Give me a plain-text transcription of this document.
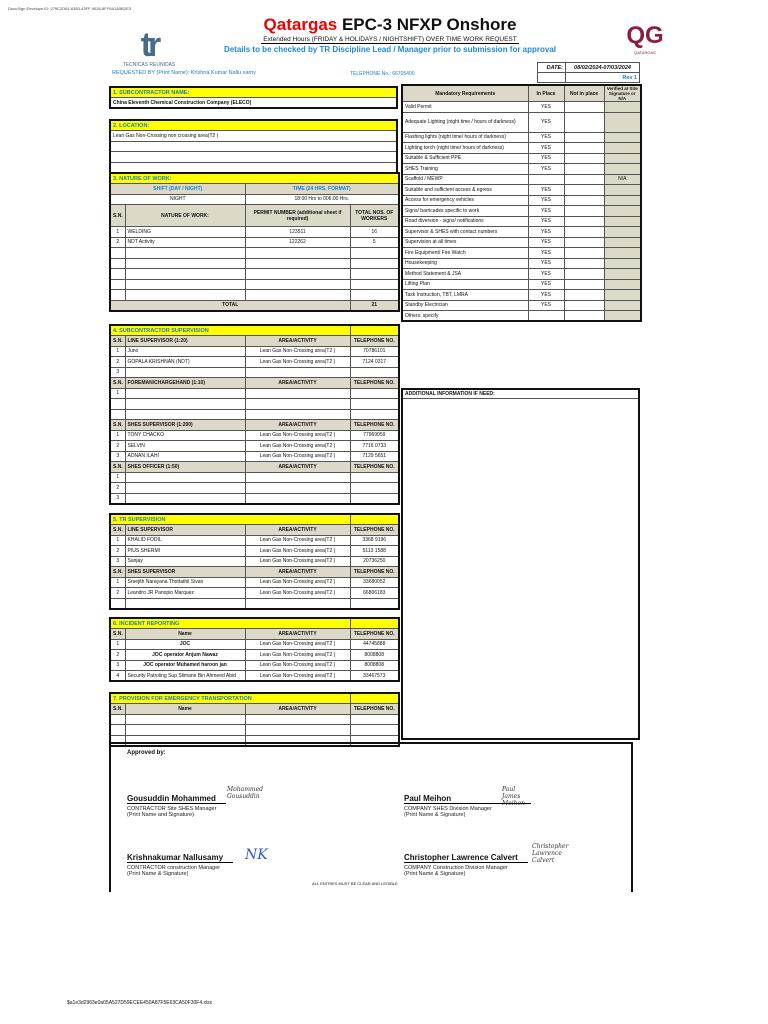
DocuSign Envelope ID: 279C2D61-6383-43FF-9026-8FF9A1A5B2E3
tr
TECNICAS REUNIDAS
Qatargas EPC-3 NFXP Onshore
Extended Hours (FRIDAY & HOLIDAYS / NIGHTSHIFT) OVER TIME WORK REQUEST
Details to be checked by TR Discipline Lead / Manager prior to submission for approval
QG
QATARGAS
REQUESTED BY (Print Name): Krishna Kumar Nallu samy	TELEPHONE No.: 6670540​0
DATE:	08/02/2024-07/03/2024
	Rev 1
1. SUBCONTRACTOR NAME:
China Eleventh Chemical Construction Company (ELECO)
2. LOCATION:
Lean Gas Non-Crossing non crossing area(T2 )

3. NATURE OF WORK:			
SHIFT (DAY / NIGHT)		TIME (24 HRS. FORMAT)	
NIGHT		18:00 Hrs to 006:00 Hrs.	
S.N.	NATURE OF WORK:	PERMIT NUMBER (additional sheet if required)	TOTAL NOS. OF WORKERS
1	WELDING	123511	16
2	NDT Activity	122262	5

TOTAL			21
4. SUBCONTRACTOR SUPERVISION			
S.N.	LINE SUPERVISOR (1:20)	AREA/ACTIVITY	TELEPHONE NO.
1	Juno	Lean Gas Non-Crossing area(T2 )	70786101
2	GOPALA KRISHNAN (NDT)	Lean Gas Non-Crossing area(T2 )	7124 0317
3			
S.N.	FOREMAN/CHARGEHAND (1:10)	AREA/ACTIVITY	TELEPHONE NO.
1			

S.N.	SHES SUPERVISOR (1:200)	AREA/ACTIVITY	TELEPHONE NO.
1	TONY CHACKO	Lean Gas Non-Crossing area(T2 )	77969059
2	SELVIN	Lean Gas Non-Crossing area(T2 )	7716 0733
3	ADNAN ILAHI	Lean Gas Non-Crossing area(T2 )	7129 5651
S.N.	SHES OFFICER (1:50)	AREA/ACTIVITY	TELEPHONE NO.
1			
2			
3			
5. TR SUPERVISION			
S.N.	LINE SUPERVISOR	AREA/ACTIVITY	TELEPHONE NO.
1	KHALID FODIL	Lean Gas Non-Crossing area(T2 )	3368 9196
2	PIUS SHERMI	Lean Gas Non-Crossing area(T2 )	5113 1588
3	Sanjay	Lean Gas Non-Crossing area(T2 )	20736250
S.N.	SHES SUPERVISOR	AREA/ACTIVITY	TELEPHONE NO.
1	Sreejith Narayana Thottathil Sivan	Lean Gas Non-Crossing area(T2 )	33680052
2	Leandro JR Panopio Marquez	Lean Gas Non-Crossing area(T2 )	66806183

6. INCIDENT REPORTING			
S.N.	Name	AREA/ACTIVITY	TELEPHONE NO.
1	JOC	Lean Gas Non-Crossing area(T2 )	44745888
2	JOC operator Anjum Nawaz	Lean Gas Non-Crossing area(T2 )	8008808
3	JOC operator Muhamed haroon jan	Lean Gas Non-Crossing area(T2 )	8008808
4	Security Patroling Sup Slimane Bin Ahmeed Abid	Lean Gas Non-Crossing area(T2 )	33467573
7. PROVISION FOR EMERGENCY TRANSPORTATION			
S.N.	Name	AREA/ACTIVITY	TELEPHONE NO.

Mandatory Requirements	In Place	Not in place	Verified at Site Signature or N/A
Valid Permit	YES		
Adequate Lighting (night time / hours of darkness)	YES		
Flashing lights (night time/ hours of darkness)	YES		
Lighting torch (night time/ hours of darkness)	YES		
Suitable & Sufficient PPE	YES		
SHES Training	YES		
Scaffold / MEWP			N/A
Suitable and sufficient access & egress	YES		
Access for emergency vehicles	YES		
Signs/ barricades specific to work	YES		
Road diversion - signs/ notifications	YES		
Supervisor & SHES with contact numbers	YES		
Supervision at all times	YES		
Fire Equipment/ Fire Watch	YES		
Housekeeping	YES		
Method Statement & JSA	YES		
Lifting Plan	YES		
Task Instruction, TBT, LMRA	YES		
Standby Electrician	YES		
Others: specify			
ADDITIONAL INFORMATION IF NEED:
Approved by:
Gousuddin Mohammed
Mohammed Gousuddin
CONTRACTOR Site SHES Manager
(Print Name and Signature)
Paul Meihon
Paul James Meihon
COMPANY SHES Division Manager
(Print Name & Signature)
Krishnakumar Nallusamy NK
CONTRACTOR construction Manager
(Print Name & Signature)
Christopher Lawrence Calvert
Christopher Lawrence Calvert
COMPANY Construction Division Manager
(Print Name & Signature)
ALL ENTRIES MUST BE CLEAR AND LEGIBLE
$a1e3d2963e0a05A527D59ECEE450A87F5E63CA50F30F4.xlsx
